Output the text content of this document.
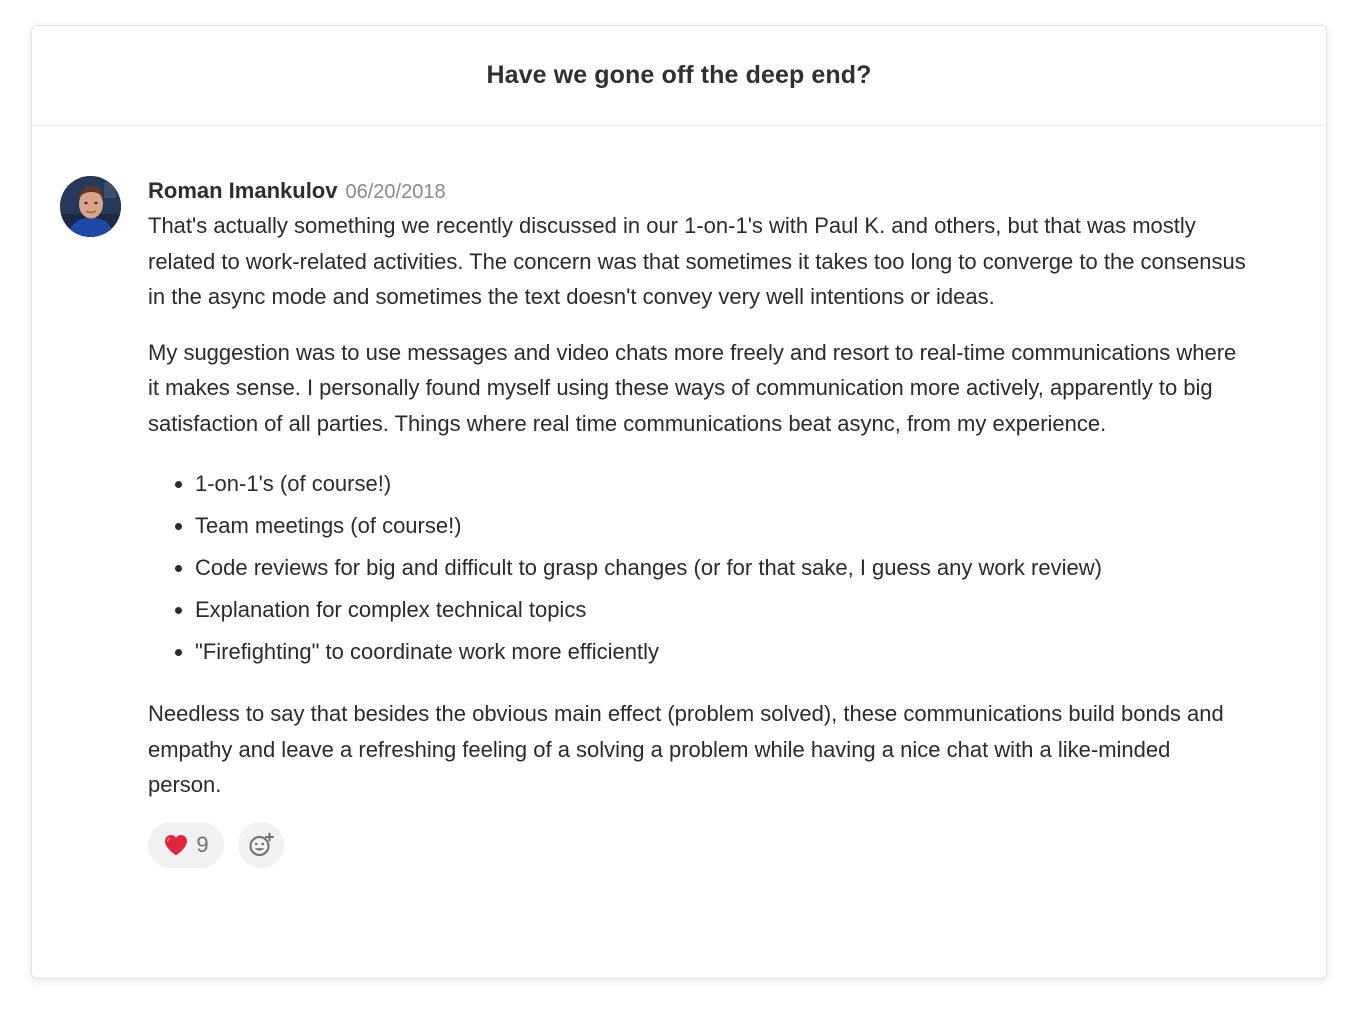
Have we gone off the deep end?
Roman Imankulov 06/20/2018

That's actually something we recently discussed in our 1-on-1's with Paul K. and others, but that was mostly related to work-related activities. The concern was that sometimes it takes too long to converge to the consensus in the async mode and sometimes the text doesn't convey very well intentions or ideas.

My suggestion was to use messages and video chats more freely and resort to real-time communications where it makes sense. I personally found myself using these ways of communication more actively, apparently to big satisfaction of all parties. Things where real time communications beat async, from my experience.

• 1-on-1's (of course!)
• Team meetings (of course!)
• Code reviews for big and difficult to grasp changes (or for that sake, I guess any work review)
• Explanation for complex technical topics
• "Firefighting" to coordinate work more efficiently

Needless to say that besides the obvious main effect (problem solved), these communications build bonds and empathy and leave a refreshing feeling of a solving a problem while having a nice chat with a like-minded person.

9
